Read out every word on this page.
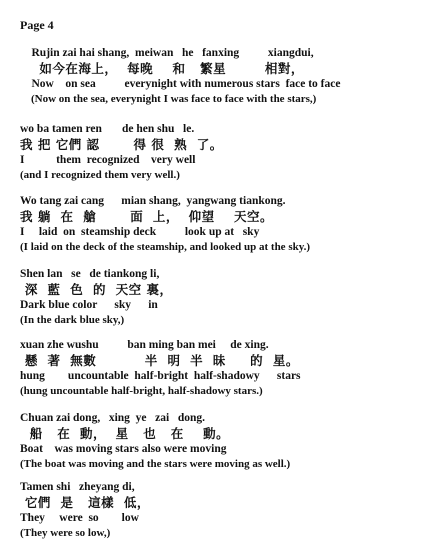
Page 4
Rujin zai hai shang,  meiwan   he   fanxing          xiangdui,
如今在海上，  每晚    和   繁星        相對，
Now    on sea          everynight with numerous stars  face to face
(Now on the sea, everynight I was face to face with the stars,)
wo ba tamen ren       de hen shu   le.
我 把 它們 認       得 很  熟  了。
I           them  recognized    very well
(and I recognized them very well.)
Wo tang zai cang      mian shang,  yangwang tiankong.
我 躺  在  艙       面  上，  仰望    天空。
I     laid  on  steamship deck          look up at   sky
(I laid on the deck of the steamship, and looked up at the sky.)
Shen lan   se   de tiankong li,
深  藍  色  的  天空 裏，
Dark blue color      sky      in
(In the dark blue sky,)
xuan zhe wushu          ban ming ban mei     de xing.
懸  著  無數          半  明  半  昧     的  星。
hung        uncountable  half-bright  half-shadowy      stars
(hung uncountable half-bright, half-shadowy stars.)
Chuan zai dong,   xing  ye   zai   dong.
船   在  動，  星   也   在    動。
Boat    was moving stars also were moving
(The boat was moving and the stars were moving as well.)
Tamen shi   zheyang di,
它們  是   這樣  低，
They     were  so        low
(They were so low,)
